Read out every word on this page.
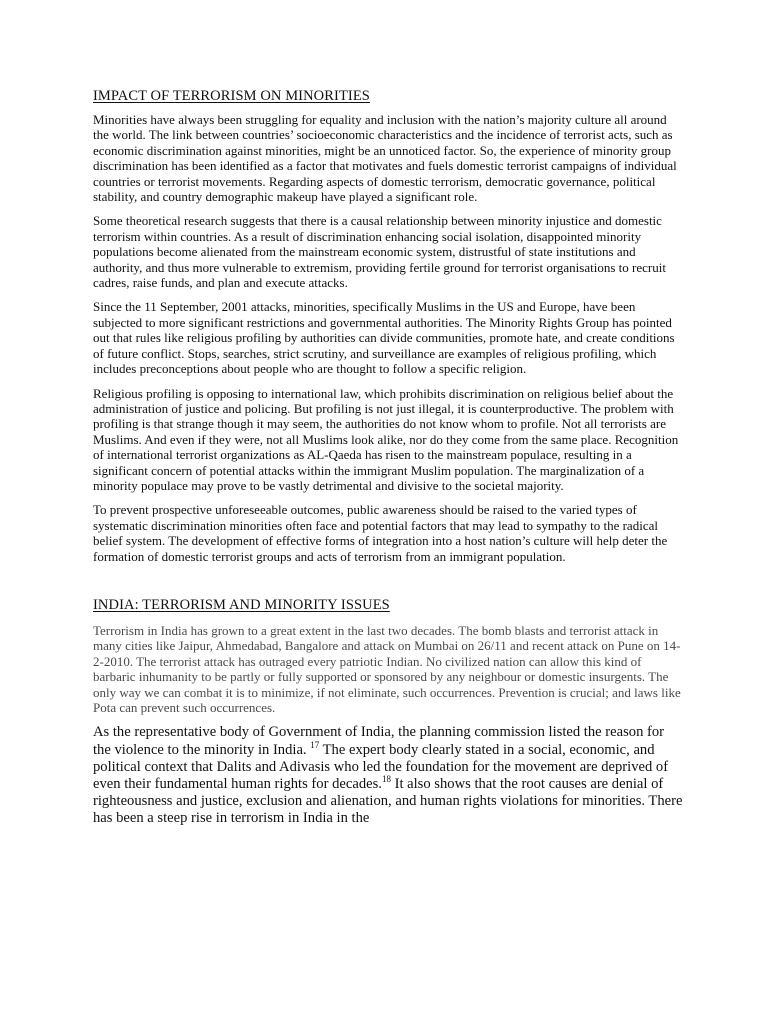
IMPACT OF TERRORISM ON MINORITIES

Minorities have always been struggling for equality and inclusion with the nation’s majority culture all around the world. The link between countries’ socioeconomic characteristics and the incidence of terrorist acts, such as economic discrimination against minorities, might be an unnoticed factor. So, the experience of minority group discrimination has been identified as a factor that motivates and fuels domestic terrorist campaigns of individual countries or terrorist movements. Regarding aspects of domestic terrorism, democratic governance, political stability, and country demographic makeup have played a significant role.

Some theoretical research suggests that there is a causal relationship between minority injustice and domestic terrorism within countries. As a result of discrimination enhancing social isolation, disappointed minority populations become alienated from the mainstream economic system, distrustful of state institutions and authority, and thus more vulnerable to extremism, providing fertile ground for terrorist organisations to recruit cadres, raise funds, and plan and execute attacks.

Since the 11 September, 2001 attacks, minorities, specifically Muslims in the US and Europe, have been subjected to more significant restrictions and governmental authorities. The Minority Rights Group has pointed out that rules like religious profiling by authorities can divide communities, promote hate, and create conditions of future conflict. Stops, searches, strict scrutiny, and surveillance are examples of religious profiling, which includes preconceptions about people who are thought to follow a specific religion.

Religious profiling is opposing to international law, which prohibits discrimination on religious belief about the administration of justice and policing. But profiling is not just illegal, it is counterproductive. The problem with profiling is that strange though it may seem, the authorities do not know whom to profile. Not all terrorists are Muslims. And even if they were, not all Muslims look alike, nor do they come from the same place. Recognition of international terrorist organizations as AL-Qaeda has risen to the mainstream populace, resulting in a significant concern of potential attacks within the immigrant Muslim population. The marginalization of a minority populace may prove to be vastly detrimental and divisive to the societal majority.

To prevent prospective unforeseeable outcomes, public awareness should be raised to the varied types of systematic discrimination minorities often face and potential factors that may lead to sympathy to the radical belief system. The development of effective forms of integration into a host nation’s culture will help deter the formation of domestic terrorist groups and acts of terrorism from an immigrant population.

INDIA: TERRORISM AND MINORITY ISSUES

Terrorism in India has grown to a great extent in the last two decades. The bomb blasts and terrorist attack in many cities like Jaipur, Ahmedabad, Bangalore and attack on Mumbai on 26/11 and recent attack on Pune on 14-2-2010. The terrorist attack has outraged every patriotic Indian. No civilized nation can allow this kind of barbaric inhumanity to be partly or fully supported or sponsored by any neighbour or domestic insurgents. The only way we can combat it is to minimize, if not eliminate, such occurrences. Prevention is crucial; and laws like Pota can prevent such occurrences.

As the representative body of Government of India, the planning commission listed the reason for the violence to the minority in India. $^{17}$ The expert body clearly stated in a social, economic, and political context that Dalits and Adivasis who led the foundation for the movement are deprived of even their fundamental human rights for decades.$^{18}$ It also shows that the root causes are denial of righteousness and justice, exclusion and alienation, and human rights violations for minorities. There has been a steep rise in terrorism in India in the
